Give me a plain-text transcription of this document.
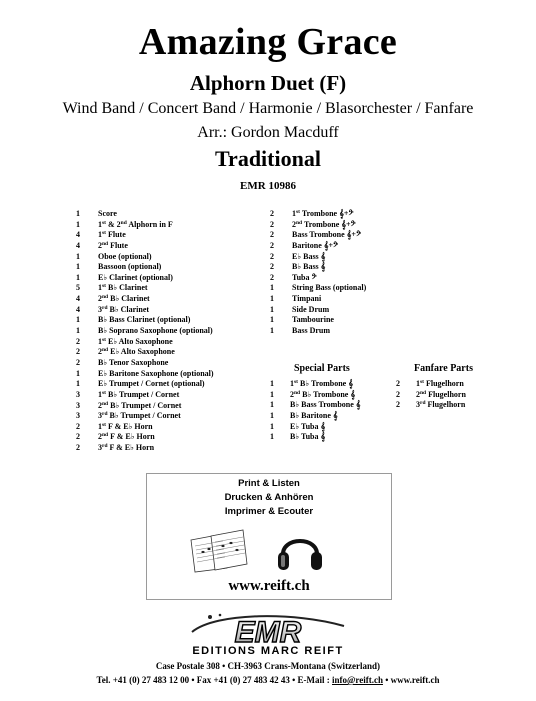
Amazing Grace
Alphorn Duet (F)
Wind Band / Concert Band / Harmonie / Blasorchester / Fanfare
Arr.: Gordon Macduff
Traditional
EMR 10986
1 Score
1 1st & 2nd Alphorn in F
4 1st Flute
4 2nd Flute
1 Oboe (optional)
1 Bassoon (optional)
1 E♭ Clarinet (optional)
5 1st B♭ Clarinet
4 2nd B♭ Clarinet
4 3rd B♭ Clarinet
1 B♭ Bass Clarinet (optional)
1 B♭ Soprano Saxophone (optional)
2 1st E♭ Alto Saxophone
2 2nd E♭ Alto Saxophone
2 B♭ Tenor Saxophone
1 E♭ Baritone Saxophone (optional)
1 E♭ Trumpet / Cornet (optional)
3 1st B♭ Trumpet / Cornet
3 2nd B♭ Trumpet / Cornet
3 3rd B♭ Trumpet / Cornet
2 1st F & E♭ Horn
2 2nd F & E♭ Horn
2 3rd F & E♭ Horn
2 1st Trombone 𝄞+𝄢
2 2nd Trombone 𝄞+𝄢
2 Bass Trombone 𝄞+𝄢
2 Baritone 𝄞+𝄢
2 E♭ Bass 𝄞
2 B♭ Bass 𝄞
2 Tuba 𝄢
1 String Bass (optional)
1 Timpani
1 Side Drum
1 Tambourine
1 Bass Drum
Special Parts	Fanfare Parts
1 1st B♭ Trombone 𝄞
1 2nd B♭ Trombone 𝄞
1 B♭ Bass Trombone 𝄞
1 B♭ Baritone 𝄞
1 E♭ Tuba 𝄞
1 B♭ Tuba 𝄞
2 1st Flugelhorn
2 2nd Flugelhorn
2 3rd Flugelhorn
Print & Listen
Drucken & Anhören
Imprimer & Ecouter
www.reift.ch
EMR
EDITIONS MARC REIFT
Case Postale 308 • CH-3963 Crans-Montana (Switzerland)
Tel. +41 (0) 27 483 12 00 • Fax +41 (0) 27 483 42 43 • E-Mail : info@reift.ch • www.reift.ch
